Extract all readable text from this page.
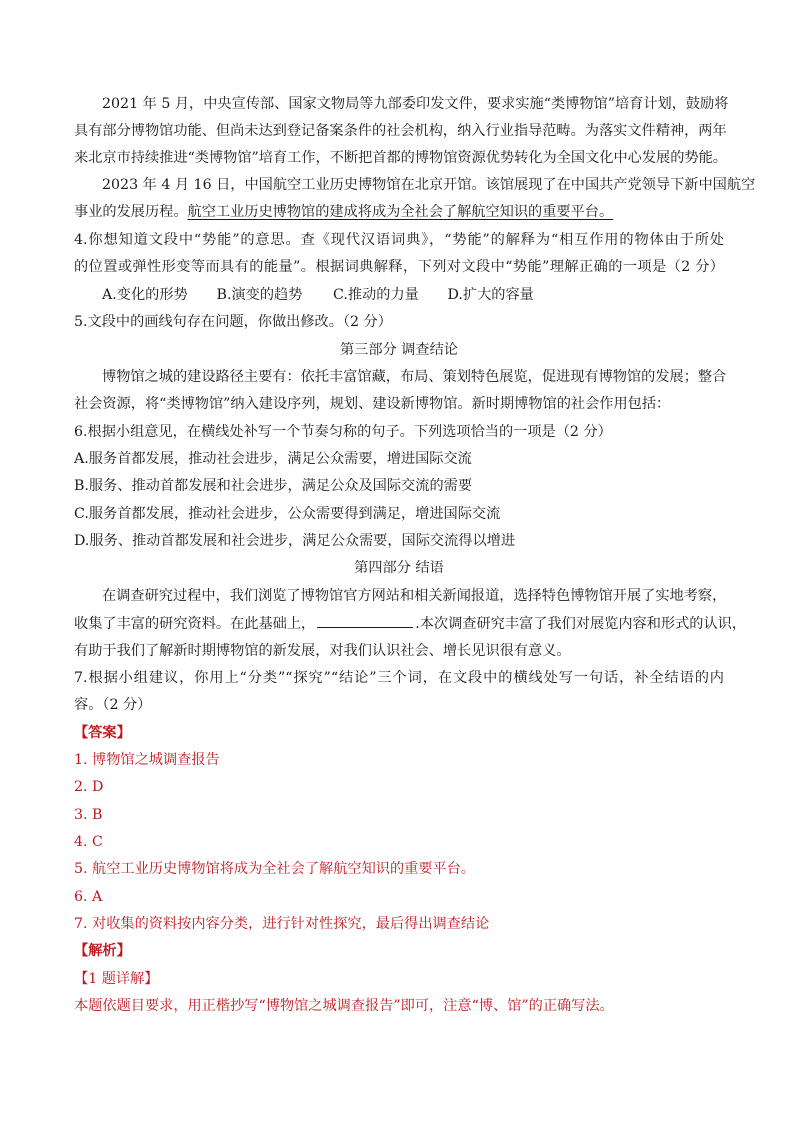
2021 年 5 月，中央宣传部、国家文物局等九部委印发文件，要求实施“类博物馆”培育计划，鼓励将
具有部分博物馆功能、但尚未达到登记备案条件的社会机构，纳入行业指导范畴。为落实文件精神，两年
来北京市持续推进“类博物馆”培育工作，不断把首都的博物馆资源优势转化为全国文化中心发展的势能。
2023 年 4 月 16 日，中国航空工业历史博物馆在北京开馆。该馆展现了在中国共产党领导下新中国航空
事业的发展历程。航空工业历史博物馆的建成将成为全社会了解航空知识的重要平台。
4.你想知道文段中“势能”的意思。查《现代汉语词典》，“势能”的解释为“相互作用的物体由于所处
的位置或弹性形变等而具有的能量”。根据词典解释，下列对文段中“势能”理解正确的一项是（2 分）
A.变化的形势 B.演变的趋势 C.推动的力量 D.扩大的容量
5.文段中的画线句存在问题，你做出修改。（2 分）
第三部分 调查结论
博物馆之城的建设路径主要有：依托丰富馆藏，布局、策划特色展览，促进现有博物馆的发展；整合
社会资源，将“类博物馆”纳入建设序列，规划、建设新博物馆。新时期博物馆的社会作用包括：
6.根据小组意见，在横线处补写一个节奏匀称的句子。下列选项恰当的一项是（2 分）
A.服务首都发展，推动社会进步，满足公众需要，增进国际交流
B.服务、推动首都发展和社会进步，满足公众及国际交流的需要
C.服务首都发展，推动社会进步，公众需要得到满足，增进国际交流
D.服务、推动首都发展和社会进步，满足公众需要，国际交流得以增进
第四部分 结语
在调查研究过程中，我们浏览了博物馆官方网站和相关新闻报道，选择特色博物馆开展了实地考察，
收集了丰富的研究资料。在此基础上，	.本次调查研究丰富了我们对展览内容和形式的认识，
有助于我们了解新时期博物馆的新发展，对我们认识社会、增长见识很有意义。
7.根据小组建议，你用上“分类”“探究”“结论”三个词，在文段中的横线处写一句话，补全结语的内
容。（2 分）
【答案】
1. 博物馆之城调查报告
2. D
3. B
4. C
5. 航空工业历史博物馆将成为全社会了解航空知识的重要平台。
6. A
7. 对收集的资料按内容分类，进行针对性探究，最后得出调查结论
【解析】
【1 题详解】
本题依题目要求，用正楷抄写“博物馆之城调查报告”即可，注意“博、馆”的正确写法。
